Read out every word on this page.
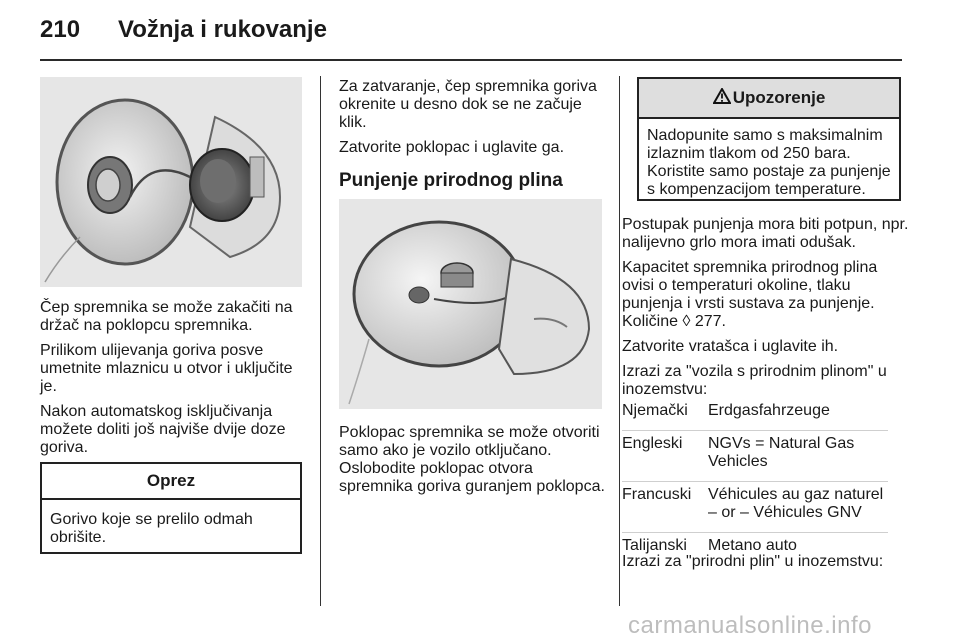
210 Vožnja i rukovanje

Čep spremnika se može zakačiti na držač na poklopcu spremnika.

Prilikom ulijevanja goriva posve umetnite mlaznicu u otvor i uključite je.

Nakon automatskog isključivanja možete doliti još najviše dvije doze goriva.

Oprez
Gorivo koje se prelilo odmah obrišite.

Za zatvaranje, čep spremnika goriva okrenite u desno dok se ne začuje klik.

Zatvorite poklopac i uglavite ga.

Punjenje prirodnog plina

Poklopac spremnika se može otvoriti samo ako je vozilo otključano. Oslobodite poklopac otvora spremnika goriva guranjem poklopca.

Upozorenje
Nadopunite samo s maksimalnim izlaznim tlakom od 250 bara. Koristite samo postaje za punjenje s kompenzacijom temperature.

Postupak punjenja mora biti potpun, npr. nalijevno grlo mora imati odušak.

Kapacitet spremnika prirodnog plina ovisi o temperaturi okoline, tlaku punjenja i vrsti sustava za punjenje. Količine ◊ 277.

Zatvorite vratašca i uglavite ih.

Izrazi za "vozila s prirodnim plinom" u inozemstvu:

Njemački	Erdgasfahrzeuge
Engleski	NGVs = Natural Gas Vehicles
Francuski	Véhicules au gaz naturel – or – Véhicules GNV
Talijanski	Metano auto

Izrazi za "prirodni plin" u inozemstvu:

carmanualsonline.info
